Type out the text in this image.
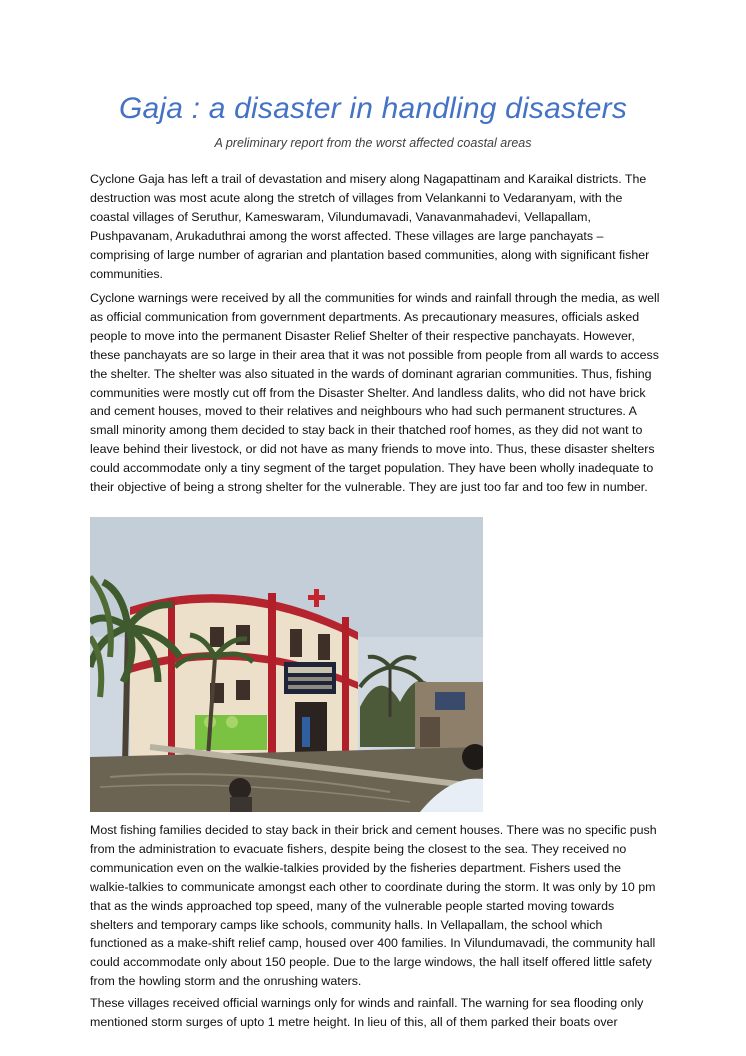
Gaja : a disaster in handling disasters

A preliminary report from the worst affected coastal areas

Cyclone Gaja has left a trail of devastation and misery along Nagapattinam and Karaikal districts. The destruction was most acute along the stretch of villages from Velankanni to Vedaranyam, with the coastal villages of Seruthur, Kameswaram, Vilundumavadi, Vanavanmahadevi, Vellapallam, Pushpavanam, Arukaduthrai among the worst affected. These villages are large panchayats – comprising of large number of agrarian and plantation based communities, along with significant fisher communities.

Cyclone warnings were received by all the communities for winds and rainfall through the media, as well as official communication from government departments. As precautionary measures, officials asked people to move into the permanent Disaster Relief Shelter of their respective panchayats. However, these panchayats are so large in their area that it was not possible from people from all wards to access the shelter. The shelter was also situated in the wards of dominant agrarian communities. Thus, fishing communities were mostly cut off from the Disaster Shelter. And landless dalits, who did not have brick and cement houses, moved to their relatives and neighbours who had such permanent structures. A small minority among them decided to stay back in their thatched roof homes, as they did not want to leave behind their livestock, or did not have as many friends to move into. Thus, these disaster shelters could accommodate only a tiny segment of the target population. They have been wholly inadequate to their objective of being a strong shelter for the vulnerable. They are just too far and too few in number.

Most fishing families decided to stay back in their brick and cement houses. There was no specific push from the administration to evacuate fishers, despite being the closest to the sea. They received no communication even on the walkie-talkies provided by the fisheries department. Fishers used the walkie-talkies to communicate amongst each other to coordinate during the storm. It was only by 10 pm that as the winds approached top speed, many of the vulnerable people started moving towards shelters and temporary camps like schools, community halls. In Vellapallam, the school which functioned as a make-shift relief camp, housed over 400 families. In Vilundumavadi, the community hall could accommodate only about 150 people. Due to the large windows, the hall itself offered little safety from the howling storm and the onrushing waters.

These villages received official warnings only for winds and rainfall. The warning for sea flooding only mentioned storm surges of upto 1 metre height. In lieu of this, all of them parked their boats over
